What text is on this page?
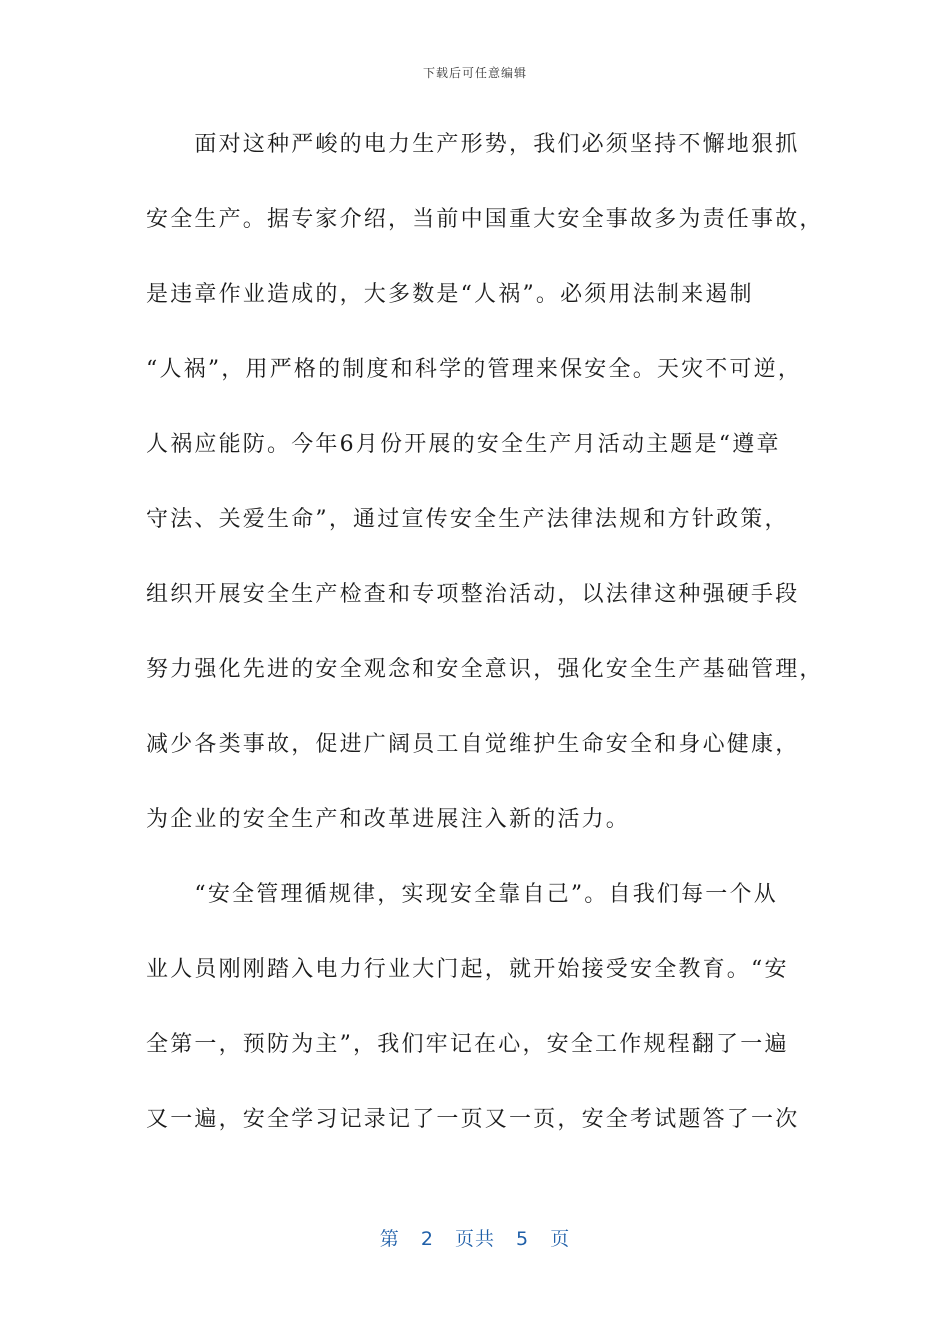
下载后可任意编辑
　　面对这种严峻的电力生产形势，我们必须坚持不懈地狠抓
安全生产。据专家介绍，当前中国重大安全事故多为责任事故，
是违章作业造成的，大多数是“人祸”。必须用法制来遏制
“人祸”，用严格的制度和科学的管理来保安全。天灾不可逆，
人祸应能防。今年6月份开展的安全生产月活动主题是“遵章
守法、关爱生命”，通过宣传安全生产法律法规和方针政策，
组织开展安全生产检查和专项整治活动，以法律这种强硬手段
努力强化先进的安全观念和安全意识，强化安全生产基础管理，
减少各类事故，促进广阔员工自觉维护生命安全和身心健康，
为企业的安全生产和改革进展注入新的活力。
　　“安全管理循规律，实现安全靠自己”。自我们每一个从
业人员刚刚踏入电力行业大门起，就开始接受安全教育。“安
全第一，预防为主”，我们牢记在心，安全工作规程翻了一遍
又一遍，安全学习记录记了一页又一页，安全考试题答了一次
第 2 页共 5 页
